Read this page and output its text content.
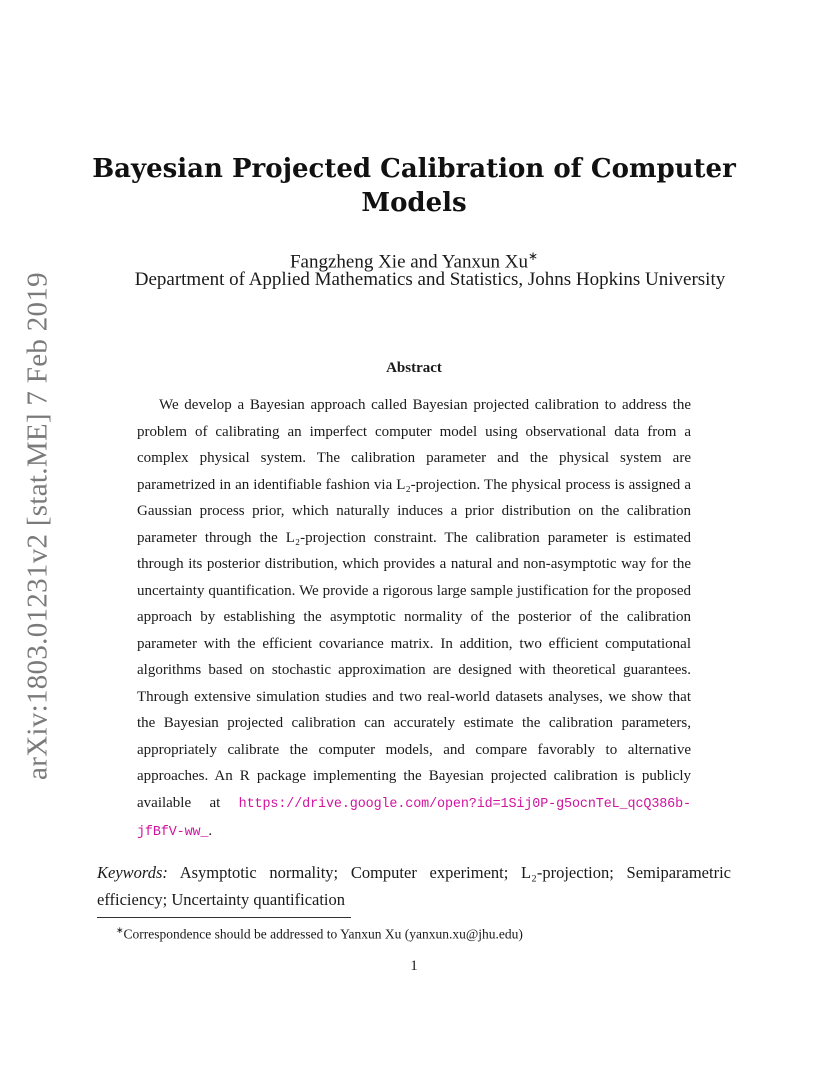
arXiv:1803.01231v2 [stat.ME] 7 Feb 2019
Bayesian Projected Calibration of Computer Models
Fangzheng Xie and Yanxun Xu∗
Department of Applied Mathematics and Statistics, Johns Hopkins University
Abstract

We develop a Bayesian approach called Bayesian projected calibration to address the problem of calibrating an imperfect computer model using observational data from a complex physical system. The calibration parameter and the physical system are parametrized in an identifiable fashion via L₂-projection. The physical process is assigned a Gaussian process prior, which naturally induces a prior distribution on the calibration parameter through the L₂-projection constraint. The calibration parameter is estimated through its posterior distribution, which provides a natural and non-asymptotic way for the uncertainty quantification. We provide a rigorous large sample justification for the proposed approach by establishing the asymptotic normality of the posterior of the calibration parameter with the efficient covariance matrix. In addition, two efficient computational algorithms based on stochastic approximation are designed with theoretical guarantees. Through extensive simulation studies and two real-world datasets analyses, we show that the Bayesian projected calibration can accurately estimate the calibration parameters, appropriately calibrate the computer models, and compare favorably to alternative approaches. An R package implementing the Bayesian projected calibration is publicly available at https://drive.google.com/open?id=1Sij0P-g5ocnTeL_qcQ386b-jfBfV-ww_.

Keywords: Asymptotic normality; Computer experiment; L₂-projection; Semiparametric efficiency; Uncertainty quantification

∗Correspondence should be addressed to Yanxun Xu (yanxun.xu@jhu.edu)
1
